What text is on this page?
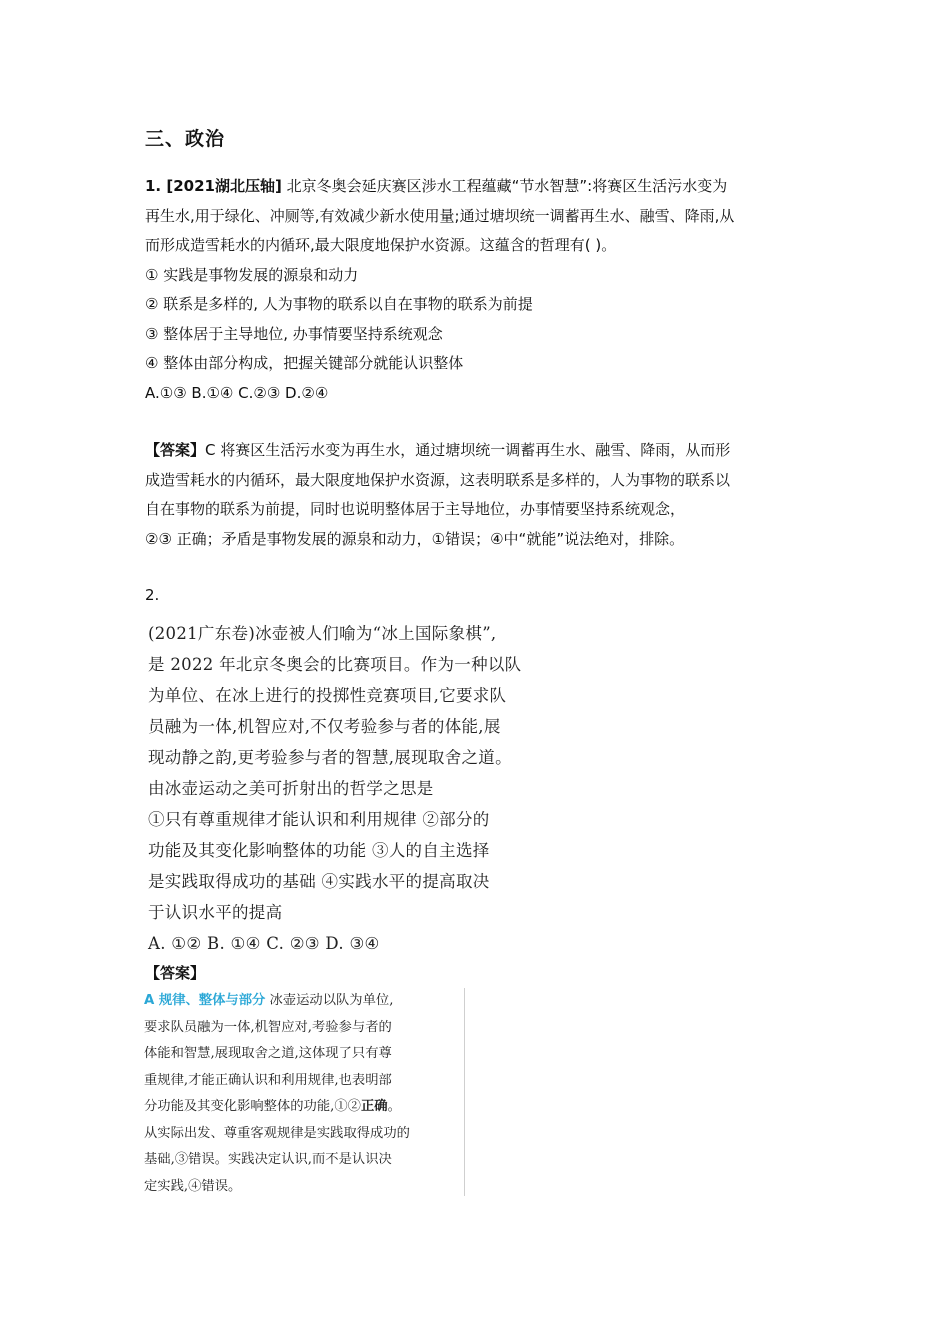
三、政治
1. [2021湖北压轴] 北京冬奥会延庆赛区涉水工程蕴藏“节水智慧”:将赛区生活污水变为
再生水,用于绿化、冲厕等,有效减少新水使用量;通过塘坝统一调蓄再生水、融雪、降雨,从
而形成造雪耗水的内循环,最大限度地保护水资源。这蕴含的哲理有( )。
① 实践是事物发展的源泉和动力
② 联系是多样的, 人为事物的联系以自在事物的联系为前提
③ 整体居于主导地位, 办事情要坚持系统观念
④ 整体由部分构成，把握关键部分就能认识整体
A.①③ B.①④ C.②③ D.②④
【答案】C 将赛区生活污水变为再生水，通过塘坝统一调蓄再生水、融雪、降雨，从而形
成造雪耗水的内循环，最大限度地保护水资源，这表明联系是多样的，人为事物的联系以
自在事物的联系为前提，同时也说明整体居于主导地位，办事情要坚持系统观念，
②③ 正确；矛盾是事物发展的源泉和动力，①错误；④中“就能”说法绝对，排除。
2.
(2021广东卷)冰壶被人们喻为“冰上国际象棋”,
是 2022 年北京冬奥会的比赛项目。作为一种以队
为单位、在冰上进行的投掷性竞赛项目,它要求队
员融为一体,机智应对,不仅考验参与者的体能,展
现动静之韵,更考验参与者的智慧,展现取舍之道。
由冰壶运动之美可折射出的哲学之思是
①只有尊重规律才能认识和利用规律 ②部分的
功能及其变化影响整体的功能 ③人的自主选择
是实践取得成功的基础 ④实践水平的提高取决
于认识水平的提高
A. ①② B. ①④ C. ②③ D. ③④
【答案】
A 规律、整体与部分 冰壶运动以队为单位,
要求队员融为一体,机智应对,考验参与者的
体能和智慧,展现取舍之道,这体现了只有尊
重规律,才能正确认识和利用规律,也表明部
分功能及其变化影响整体的功能,①②正确。
从实际出发、尊重客观规律是实践取得成功的
基础,③错误。实践决定认识,而不是认识决
定实践,④错误。
